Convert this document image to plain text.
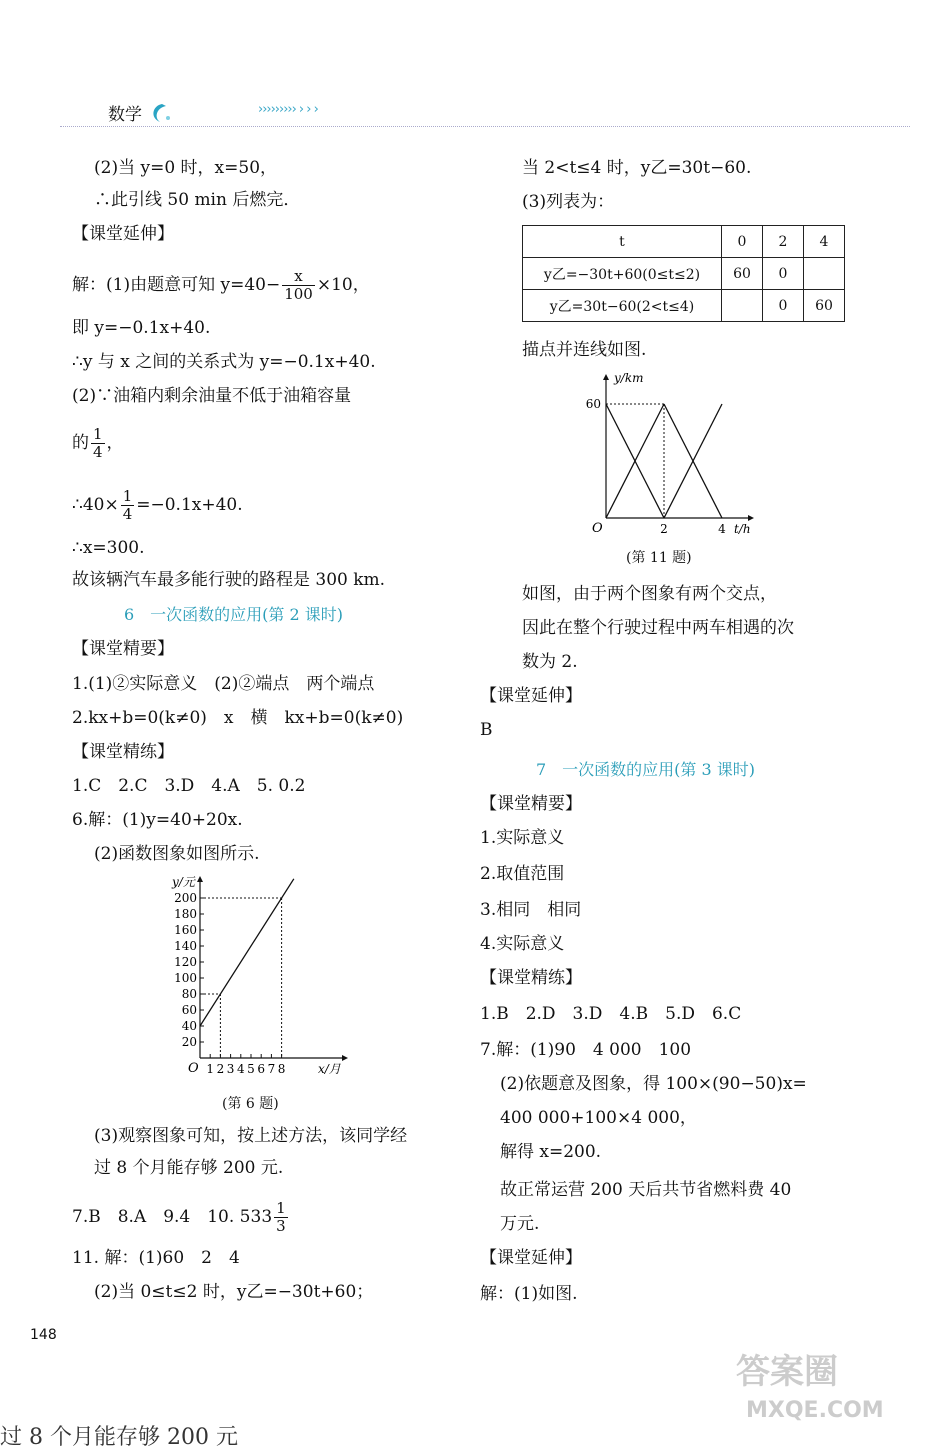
数学	››››››››› › › ›
(2)当 y=0 时，x=50，
∴此引线 50 min 后燃完．
【课堂延伸】
解：(1)由题意可知 $y=40- \frac{x}{100} \times 10$，
即 y=−0.1x+40.
∴y 与 x 之间的关系式为 y=−0.1x+40.
(2)∵油箱内剩余油量不低于油箱容量
的 $\frac{1}{4}$ ，
∴40× $\frac{1}{4} =-0.1x+40$.
∴x=300.
故该辆汽车最多能行驶的路程是 300 km.
6　一次函数的应用(第 2 课时)
【课堂精要】
1.(1)②实际意义　(2)②端点　两个端点
2.kx+b=0(k≠0)　x　横　kx+b=0(k≠0)
【课堂精练】
1.C　2.C　3.D　4.A　5. 0.2
6.解：(1)y=40+20x.
(2)函数图象如图所示.
20
40
60
80
100
120
140
160
180
200
1 2 3 4 5 6 7 8
O
y/元
x/月
(第 6 题)
(3)观察图象可知，按上述方法，该同学经
过 8 个月能存够 200 元.
7.B　8.A　9.4　10. $533 \frac{1}{3}$
11. 解：(1)60　2　4
(2)当 0≤t≤2 时，y乙=−30t+60；
148
过 8 个月能存够 200 元
当 2<t≤4 时，y乙=30t−60.
(3)列表为：
t	0	2	4
y乙=−30t+60(0≤t≤2)	60	0	
y乙=30t−60(2<t≤4)		0	60
描点并连线如图.
60
2	4
O
y/km
t/h
(第 11 题)
如图，由于两个图象有两个交点，
因此在整个行驶过程中两车相遇的次
数为 2.
【课堂延伸】
B
7　一次函数的应用(第 3 课时)
【课堂精要】
1.实际意义
2.取值范围
3.相同　相同
4.实际意义
【课堂精练】
1.B　2.D　3.D　4.B　5.D　6.C
7.解：(1)90　4 000　100
(2)依题意及图象，得 100×(90−50)x=
400 000+100×4 000，
解得 x=200.
故正常运营 200 天后共节省燃料费 40
万元.
【课堂延伸】
解：(1)如图.
答案圈
MXQE.COM
